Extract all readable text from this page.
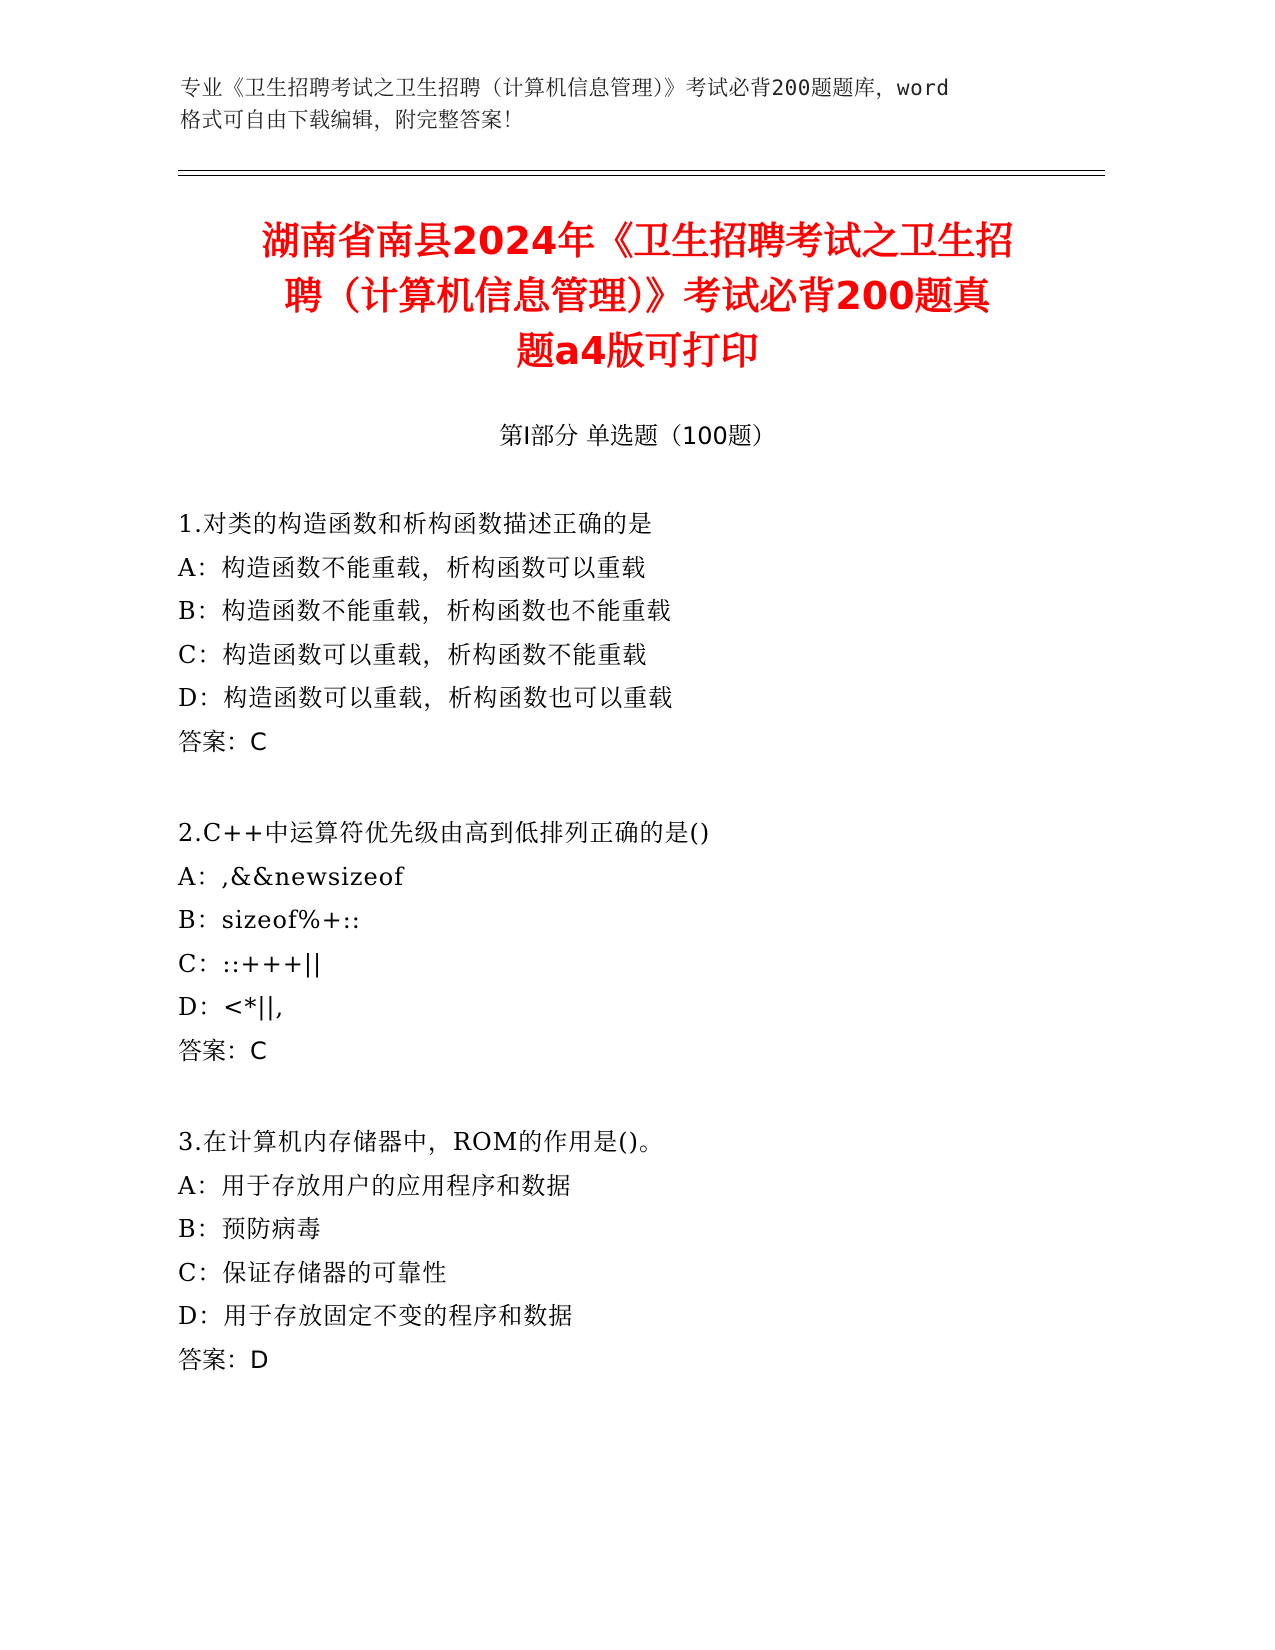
专业《卫生招聘考试之卫生招聘（计算机信息管理）》考试必背200题题库，word
格式可自由下载编辑，附完整答案！
湖南省南县2024年《卫生招聘考试之卫生招
聘（计算机信息管理）》考试必背200题真
题a4版可打印
第Ⅰ部分 单选题（100题）
1.对类的构造函数和析构函数描述正确的是
A：构造函数不能重载，析构函数可以重载
B：构造函数不能重载，析构函数也不能重载
C：构造函数可以重载，析构函数不能重载
D：构造函数可以重载，析构函数也可以重载
答案：C
2.C++中运算符优先级由高到低排列正确的是()
A：,&&newsizeof
B：sizeof%+::
C：::+++||
D：<*||,
答案：C
3.在计算机内存储器中，ROM的作用是()。
A：用于存放用户的应用程序和数据
B：预防病毒
C：保证存储器的可靠性
D：用于存放固定不变的程序和数据
答案：D
